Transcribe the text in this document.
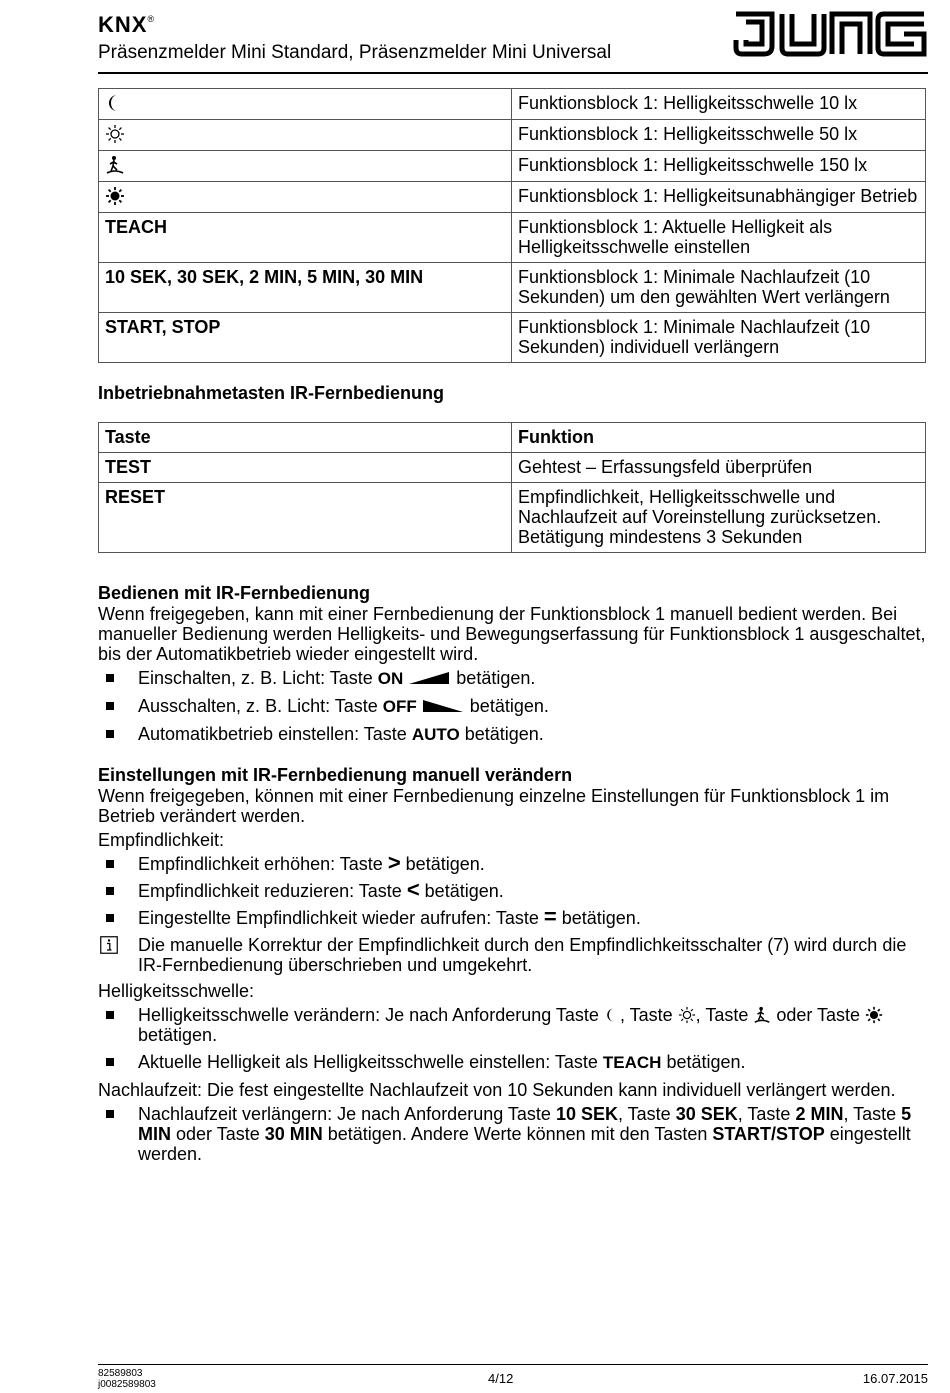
KNX®
Präsenzmelder Mini Standard, Präsenzmelder Mini Universal
	Funktionsblock 1: Helligkeitsschwelle 10 lx
	Funktionsblock 1: Helligkeitsschwelle 50 lx
	Funktionsblock 1: Helligkeitsschwelle 150 lx
	Funktionsblock 1: Helligkeitsunabhängiger Betrieb
TEACH	Funktionsblock 1: Aktuelle Helligkeit als Helligkeitsschwelle einstellen
10 SEK, 30 SEK, 2 MIN, 5 MIN, 30 MIN	Funktionsblock 1: Minimale Nachlaufzeit (10 Sekunden) um den gewählten Wert verlängern
START, STOP	Funktionsblock 1: Minimale Nachlaufzeit (10 Sekunden) individuell verlängern
Inbetriebnahmetasten IR-Fernbedienung
Taste	Funktion
TEST	Gehtest – Erfassungsfeld überprüfen
RESET	Empfindlichkeit, Helligkeitsschwelle und Nachlaufzeit auf Voreinstellung zurücksetzen. Betätigung mindestens 3 Sekunden
Bedienen mit IR-Fernbedienung

Wenn freigegeben, kann mit einer Fernbedienung der Funktionsblock 1 manuell bedient werden. Bei manueller Bedienung werden Helligkeits- und Bewegungserfassung für Funktionsblock 1 ausgeschaltet, bis der Automatikbetrieb wieder eingestellt wird.

Einschalten, z. B. Licht: Taste ON	betätigen.
Ausschalten, z. B. Licht: Taste OFF	betätigen.
Automatikbetrieb einstellen: Taste AUTO betätigen.
Einstellungen mit IR-Fernbedienung manuell verändern

Wenn freigegeben, können mit einer Fernbedienung einzelne Einstellungen für Funktionsblock 1 im Betrieb verändert werden.

Empfindlichkeit:

Empfindlichkeit erhöhen: Taste > betätigen.
Empfindlichkeit reduzieren: Taste < betätigen.
Eingestellte Empfindlichkeit wieder aufrufen: Taste = betätigen.
Die manuelle Korrektur der Empfindlichkeit durch den Empfindlichkeitsschalter (7) wird durch die IR-Fernbedienung überschrieben und umgekehrt.

Helligkeitsschwelle:

Helligkeitsschwelle verändern: Je nach Anforderung Taste , Taste , Taste  oder Taste  betätigen.
Aktuelle Helligkeit als Helligkeitsschwelle einstellen: Taste TEACH betätigen.

Nachlaufzeit: Die fest eingestellte Nachlaufzeit von 10 Sekunden kann individuell verlängert werden.

Nachlaufzeit verlängern: Je nach Anforderung Taste 10 SEK, Taste 30 SEK, Taste 2 MIN, Taste 5 MIN oder Taste 30 MIN betätigen. Andere Werte können mit den Tasten START/STOP eingestellt werden.
82589803
j0082589803	4/12	16.07.2015
